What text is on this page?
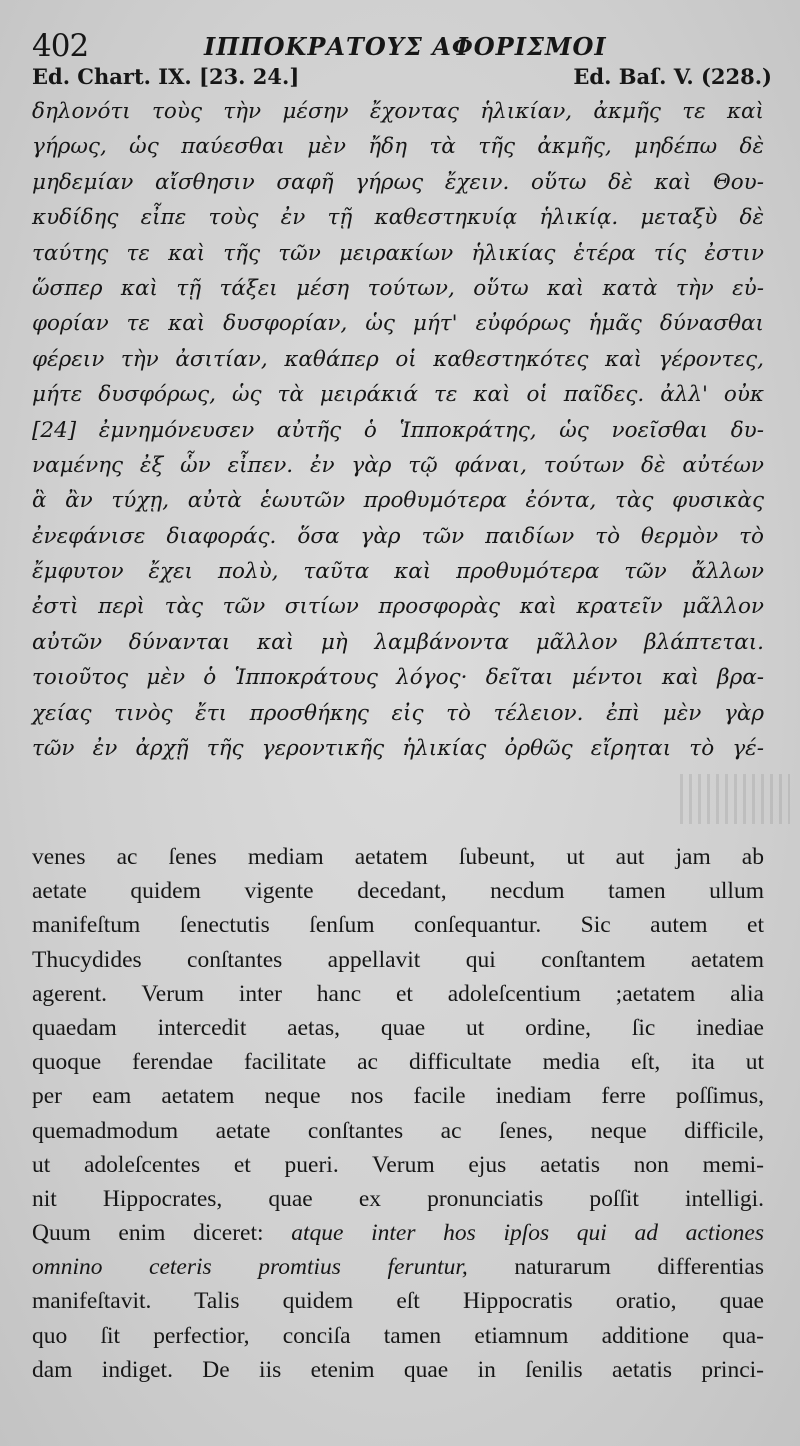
402	ΙΠΠΟΚΡΑΤΟΥΣ ΑΦΟΡΙΣΜΟΙ
Ed. Chart. IX. [23. 24.]	Ed. Baſ. V. (228.)
δηλονότι τοὺς τὴν μέσην ἔχοντας ἡλικίαν, ἀκμῆς τε καὶ
γήρως, ὡς παύεσθαι μὲν ἤδη τὰ τῆς ἀκμῆς, μηδέπω δὲ
μηδεμίαν αἴσθησιν σαφῆ γήρως ἔχειν. οὕτω δὲ καὶ Θου-
κυδίδης εἶπε τοὺς ἐν τῇ καθεστηκυίᾳ ἡλικίᾳ. μεταξὺ δὲ
ταύτης τε καὶ τῆς τῶν μειρακίων ἡλικίας ἑτέρα τίς ἐστιν
ὥσπερ καὶ τῇ τάξει μέση τούτων, οὕτω καὶ κατὰ τὴν εὐ-
φορίαν τε καὶ δυσφορίαν, ὡς μήτ' εὐφόρως ἡμᾶς δύνασθαι
φέρειν τὴν ἀσιτίαν, καθάπερ οἱ καθεστηκότες καὶ γέροντες,
μήτε δυσφόρως, ὡς τὰ μειράκιά τε καὶ οἱ παῖδες. ἀλλ' οὐκ
[24] ἐμνημόνευσεν αὐτῆς ὁ Ἱπποκράτης, ὡς νοεῖσθαι δυ-
ναμένης ἐξ ὧν εἶπεν. ἐν γὰρ τῷ φάναι, τούτων δὲ αὐτέων
ἃ ἂν τύχῃ, αὐτὰ ἑωυτῶν προθυμότερα ἐόντα, τὰς φυσικὰς
ἐνεφάνισε διαφοράς. ὅσα γὰρ τῶν παιδίων τὸ θερμὸν τὸ
ἔμφυτον ἔχει πολὺ, ταῦτα καὶ προθυμότερα τῶν ἄλλων
ἐστὶ περὶ τὰς τῶν σιτίων προσφορὰς καὶ κρατεῖν μᾶλλον
αὐτῶν δύνανται καὶ μὴ λαμβάνοντα μᾶλλον βλάπτεται.
τοιοῦτος μὲν ὁ Ἱπποκράτους λόγος· δεῖται μέντοι καὶ βρα-
χείας τινὸς ἔτι προσθήκης εἰς τὸ τέλειον. ἐπὶ μὲν γὰρ
τῶν ἐν ἀρχῇ τῆς γεροντικῆς ἡλικίας ὀρθῶς εἴρηται τὸ γέ-
venes ac ſenes mediam aetatem ſubeunt, ut aut jam ab
aetate quidem vigente decedant, necdum tamen ullum
manifeſtum ſenectutis ſenſum conſequantur. Sic autem et
Thucydides conſtantes appellavit qui conſtantem aetatem
agerent. Verum inter hanc et adoleſcentium ;aetatem alia
quaedam intercedit aetas, quae ut ordine, ſic inediae
quoque ferendae facilitate ac difficultate media eſt, ita ut
per eam aetatem neque nos facile inediam ferre poſſimus,
quemadmodum aetate conſtantes ac ſenes, neque difficile,
ut adoleſcentes et pueri. Verum ejus aetatis non memi-
nit Hippocrates, quae ex pronunciatis poſſit intelligi.
Quum enim diceret: atque inter hos ipſos qui ad actiones
omnino ceteris promtius feruntur, naturarum differentias
manifeſtavit. Talis quidem eſt Hippocratis oratio, quae
quo ſit perfectior, conciſa tamen etiamnum additione qua-
dam indiget. De iis etenim quae in ſenilis aetatis princi-
